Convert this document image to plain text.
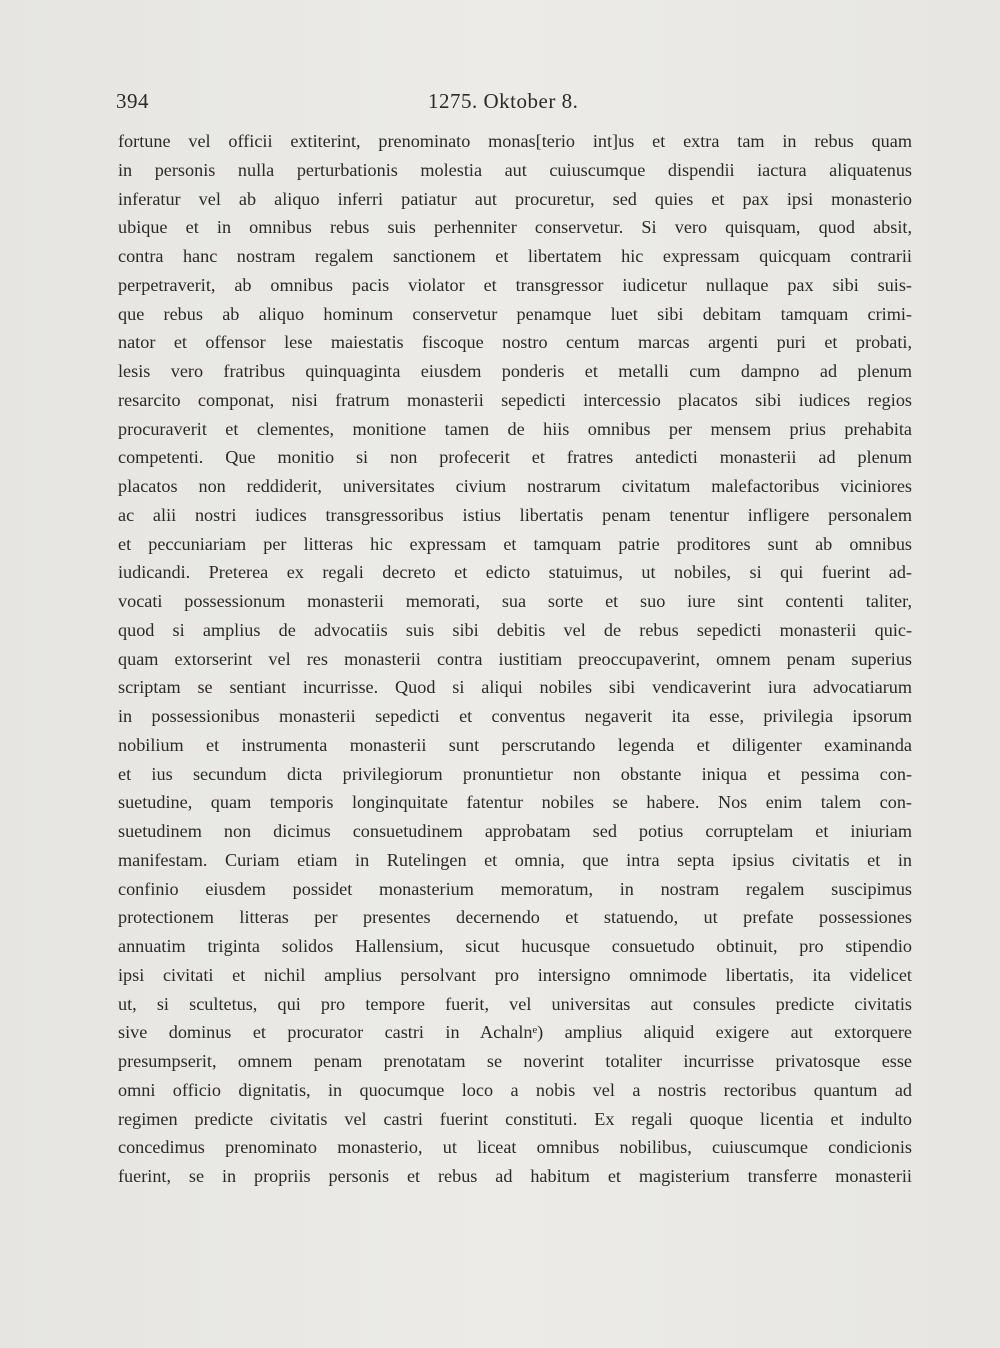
394	1275. Oktober 8.
fortune vel officii extiterint, prenominato monas[terio int]us et extra tam in rebus quam
in personis nulla perturbationis molestia aut cuiuscumque dispendii iactura aliquatenus
inferatur vel ab aliquo inferri patiatur aut procuretur, sed quies et pax ipsi monasterio
ubique et in omnibus rebus suis perhenniter conservetur. Si vero quisquam, quod absit,
contra hanc nostram regalem sanctionem et libertatem hic expressam quicquam contrarii
perpetraverit, ab omnibus pacis violator et transgressor iudicetur nullaque pax sibi suis-
que rebus ab aliquo hominum conservetur penamque luet sibi debitam tamquam crimi-
nator et offensor lese maiestatis fiscoque nostro centum marcas argenti puri et probati,
lesis vero fratribus quinquaginta eiusdem ponderis et metalli cum dampno ad plenum
resarcito componat, nisi fratrum monasterii sepedicti intercessio placatos sibi iudices regios
procuraverit et clementes, monitione tamen de hiis omnibus per mensem prius prehabita
competenti. Que monitio si non profecerit et fratres antedicti monasterii ad plenum
placatos non reddiderit, universitates civium nostrarum civitatum malefactoribus viciniores
ac alii nostri iudices transgressoribus istius libertatis penam tenentur infligere personalem
et peccuniariam per litteras hic expressam et tamquam patrie proditores sunt ab omnibus
iudicandi. Preterea ex regali decreto et edicto statuimus, ut nobiles, si qui fuerint ad-
vocati possessionum monasterii memorati, sua sorte et suo iure sint contenti taliter,
quod si amplius de advocatiis suis sibi debitis vel de rebus sepedicti monasterii quic-
quam extorserint vel res monasterii contra iustitiam preoccupaverint, omnem penam superius
scriptam se sentiant incurrisse. Quod si aliqui nobiles sibi vendicaverint iura advocatiarum
in possessionibus monasterii sepedicti et conventus negaverit ita esse, privilegia ipsorum
nobilium et instrumenta monasterii sunt perscrutando legenda et diligenter examinanda
et ius secundum dicta privilegiorum pronuntietur non obstante iniqua et pessima con-
suetudine, quam temporis longinquitate fatentur nobiles se habere. Nos enim talem con-
suetudinem non dicimus consuetudinem approbatam sed potius corruptelam et iniuriam
manifestam. Curiam etiam in Rutelingen et omnia, que intra septa ipsius civitatis et in
confinio eiusdem possidet monasterium memoratum, in nostram regalem suscipimus
protectionem litteras per presentes decernendo et statuendo, ut prefate possessiones
annuatim triginta solidos Hallensium, sicut hucusque consuetudo obtinuit, pro stipendio
ipsi civitati et nichil amplius persolvant pro intersigno omnimode libertatis, ita videlicet
ut, si scultetus, qui pro tempore fuerit, vel universitas aut consules predicte civitatis
sive dominus et procurator castri in Achalnᵉ) amplius aliquid exigere aut extorquere
presumpserit, omnem penam prenotatam se noverint totaliter incurrisse privatosque esse
omni officio dignitatis, in quocumque loco a nobis vel a nostris rectoribus quantum ad
regimen predicte civitatis vel castri fuerint constituti. Ex regali quoque licentia et indulto
concedimus prenominato monasterio, ut liceat omnibus nobilibus, cuiuscumque condicionis
fuerint, se in propriis personis et rebus ad habitum et magisterium transferre monasterii
